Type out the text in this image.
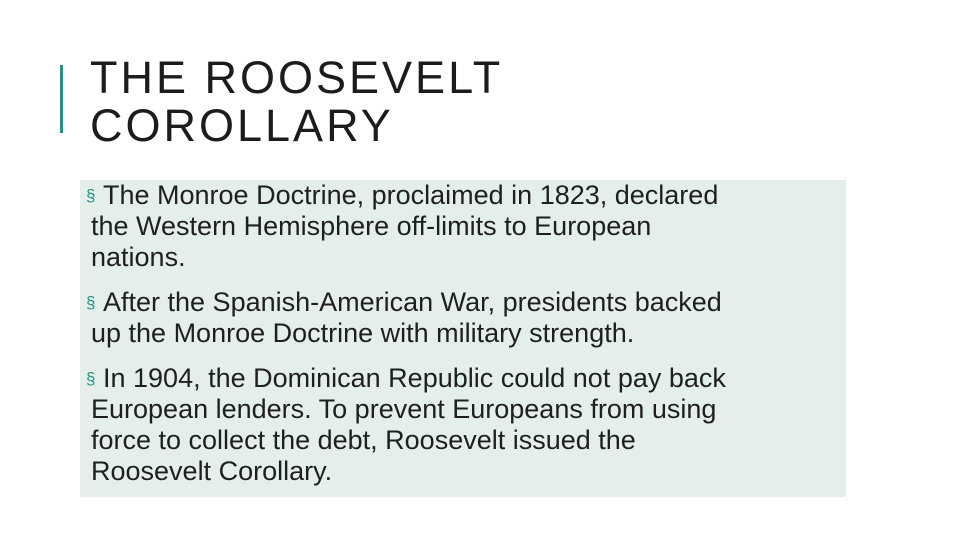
THE ROOSEVELT
COROLLARY
§ The Monroe Doctrine, proclaimed in 1823, declared
the Western Hemisphere off-limits to European
nations.
§ After the Spanish-American War, presidents backed
up the Monroe Doctrine with military strength.
§ In 1904, the Dominican Republic could not pay back
European lenders. To prevent Europeans from using
force to collect the debt, Roosevelt issued the
Roosevelt Corollary.
